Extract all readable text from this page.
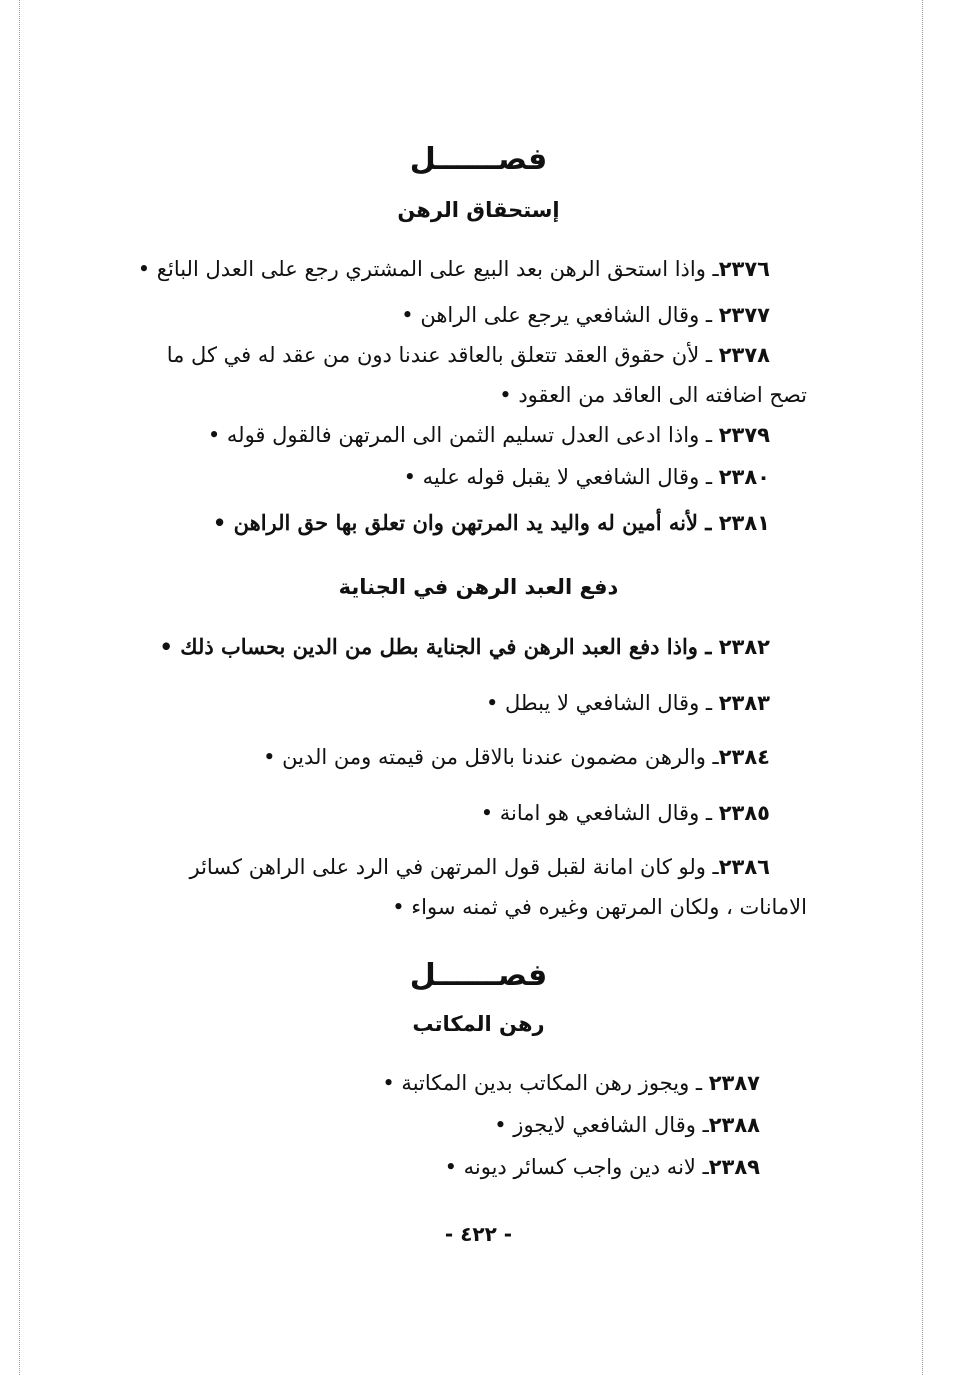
فصــــــل
إستحقاق الرهن
٢٣٧٦ـ واذا استحق الرهن بعد البيع على المشتري رجع على العدل البائع •
٢٣٧٧ ـ وقال الشافعي يرجع على الراهن •
٢٣٧٨ ـ لأن حقوق العقد تتعلق بالعاقد عندنا دون من عقد له في كل ما
تصح اضافته الى العاقد من العقود •
٢٣٧٩ ـ واذا ادعى العدل تسليم الثمن الى المرتهن فالقول قوله •
٢٣٨٠ ـ وقال الشافعي لا يقبل قوله عليه •
٢٣٨١ ـ لأنه أمين له واليد يد المرتهن وان تعلق بها حق الراهن •
دفع العبد الرهن في الجناية
٢٣٨٢ ـ واذا دفع العبد الرهن في الجناية بطل من الدين بحساب ذلك •
٢٣٨٣ ـ وقال الشافعي لا يبطل •
٢٣٨٤ـ والرهن مضمون عندنا بالاقل من قيمته ومن الدين •
٢٣٨٥ ـ وقال الشافعي هو امانة •
٢٣٨٦ـ ولو كان امانة لقبل قول المرتهن في الرد على الراهن كسائر
الامانات ، ولكان المرتهن وغيره في ثمنه سواء •
فصــــــل
رهن المكاتب
٢٣٨٧ ـ ويجوز رهن المكاتب بدين المكاتبة •
٢٣٨٨ـ وقال الشافعي لايجوز •
٢٣٨٩ـ لانه دين واجب كسائر ديونه •
- ٤٢٢ -
